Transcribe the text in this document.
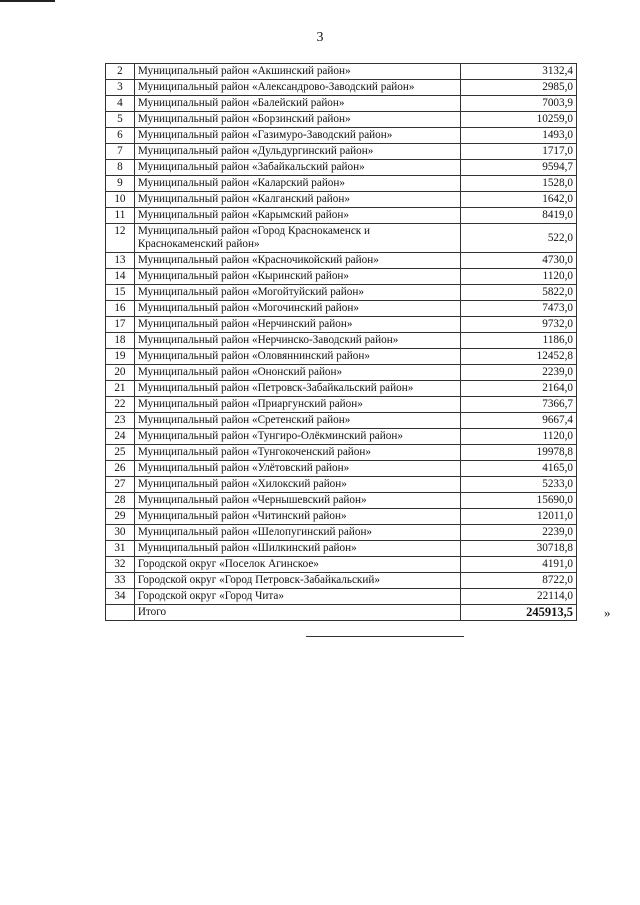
3
2	Муниципальный район «Акшинский район»	3132,4
3	Муниципальный район «Александрово-Заводский район»	2985,0
4	Муниципальный район «Балейский район»	7003,9
5	Муниципальный район «Борзинский район»	10259,0
6	Муниципальный район «Газимуро-Заводский район»	1493,0
7	Муниципальный район «Дульдургинский район»	1717,0
8	Муниципальный район «Забайкальский район»	9594,7
9	Муниципальный район «Каларский район»	1528,0
10	Муниципальный район «Калганский район»	1642,0
11	Муниципальный район «Карымский район»	8419,0
12	Муниципальный район «Город Краснокаменск и Краснокаменский район»	522,0
13	Муниципальный район «Красночикойский район»	4730,0
14	Муниципальный район «Кыринский район»	1120,0
15	Муниципальный район «Могойтуйский район»	5822,0
16	Муниципальный район «Могочинский район»	7473,0
17	Муниципальный район «Нерчинский район»	9732,0
18	Муниципальный район «Нерчинско-Заводский район»	1186,0
19	Муниципальный район «Оловяннинский район»	12452,8
20	Муниципальный район «Ононский район»	2239,0
21	Муниципальный район «Петровск-Забайкальский район»	2164,0
22	Муниципальный район «Приаргунский район»	7366,7
23	Муниципальный район «Сретенский район»	9667,4
24	Муниципальный район «Тунгиро-Олёкминский район»	1120,0
25	Муниципальный район «Тунгокоченский район»	19978,8
26	Муниципальный район «Улётовский район»	4165,0
27	Муниципальный район «Хилокский район»	5233,0
28	Муниципальный район «Чернышевский район»	15690,0
29	Муниципальный район «Читинский район»	12011,0
30	Муниципальный район «Шелопугинский район»	2239,0
31	Муниципальный район «Шилкинский район»	30718,8
32	Городской округ «Поселок Агинское»	4191,0
33	Городской округ «Город Петровск-Забайкальский»	8722,0
34	Городской округ «Город Чита»	22114,0
	Итого	245913,5 »
